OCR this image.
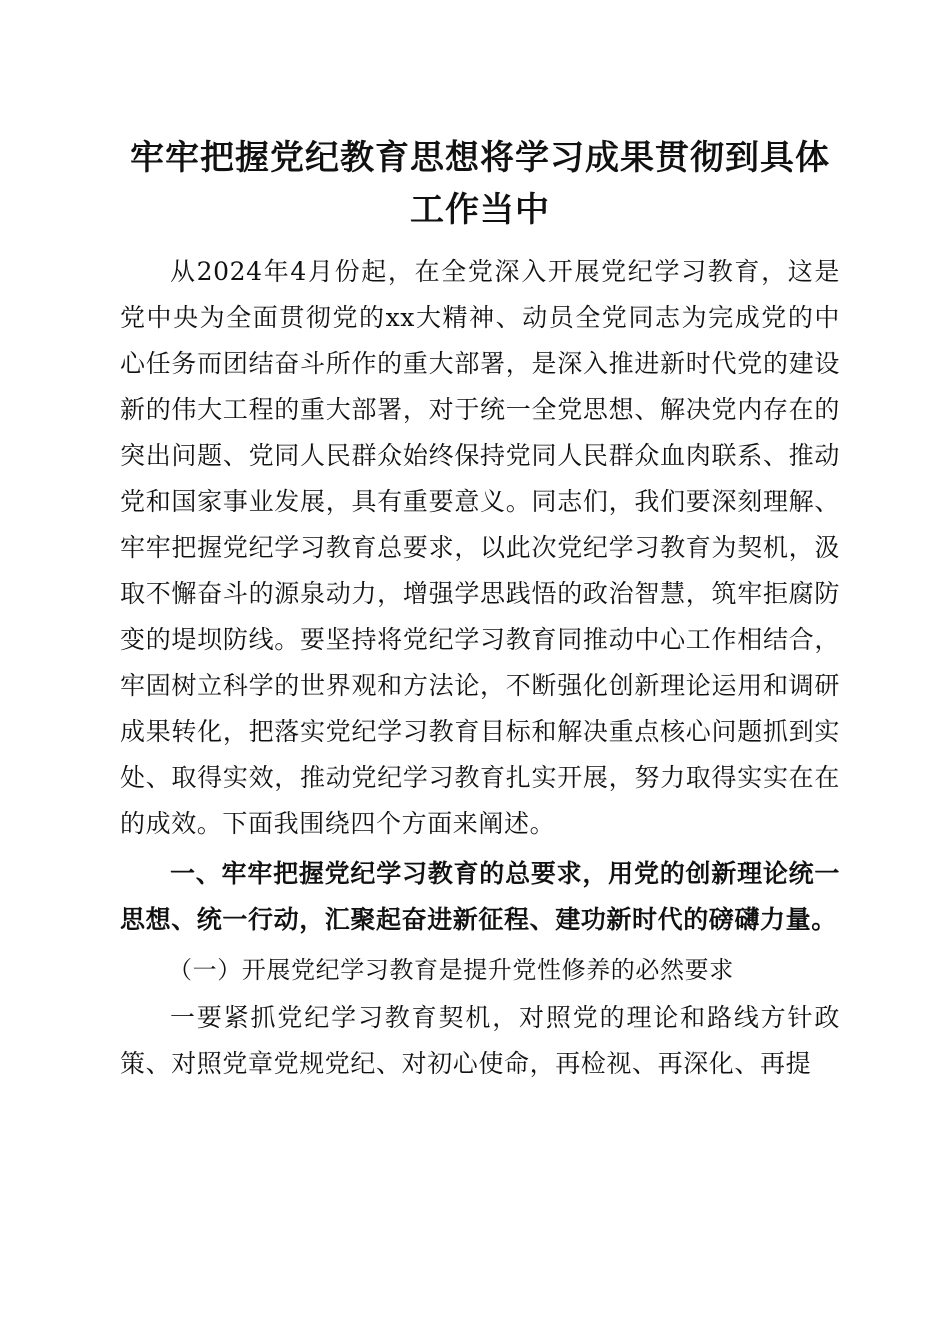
牢牢把握党纪教育思想将学习成果贯彻到具体
工作当中

从2024年4月份起，在全党深入开展党纪学习教育，这是党中央为全面贯彻党的xx大精神、动员全党同志为完成党的中心任务而团结奋斗所作的重大部署，是深入推进新时代党的建设新的伟大工程的重大部署，对于统一全党思想、解决党内存在的突出问题、党同人民群众始终保持党同人民群众血肉联系、推动党和国家事业发展，具有重要意义。同志们，我们要深刻理解、牢牢把握党纪学习教育总要求，以此次党纪学习教育为契机，汲取不懈奋斗的源泉动力，增强学思践悟的政治智慧，筑牢拒腐防变的堤坝防线。要坚持将党纪学习教育同推动中心工作相结合，牢固树立科学的世界观和方法论，不断强化创新理论运用和调研成果转化，把落实党纪学习教育目标和解决重点核心问题抓到实处、取得实效，推动党纪学习教育扎实开展，努力取得实实在在的成效。下面我围绕四个方面来阐述。

一、牢牢把握党纪学习教育的总要求，用党的创新理论统一思想、统一行动，汇聚起奋进新征程、建功新时代的磅礴力量。

（一）开展党纪学习教育是提升党性修养的必然要求

一要紧抓党纪学习教育契机，对照党的理论和路线方针政策、对照党章党规党纪、对初心使命，再检视、再深化、再提
